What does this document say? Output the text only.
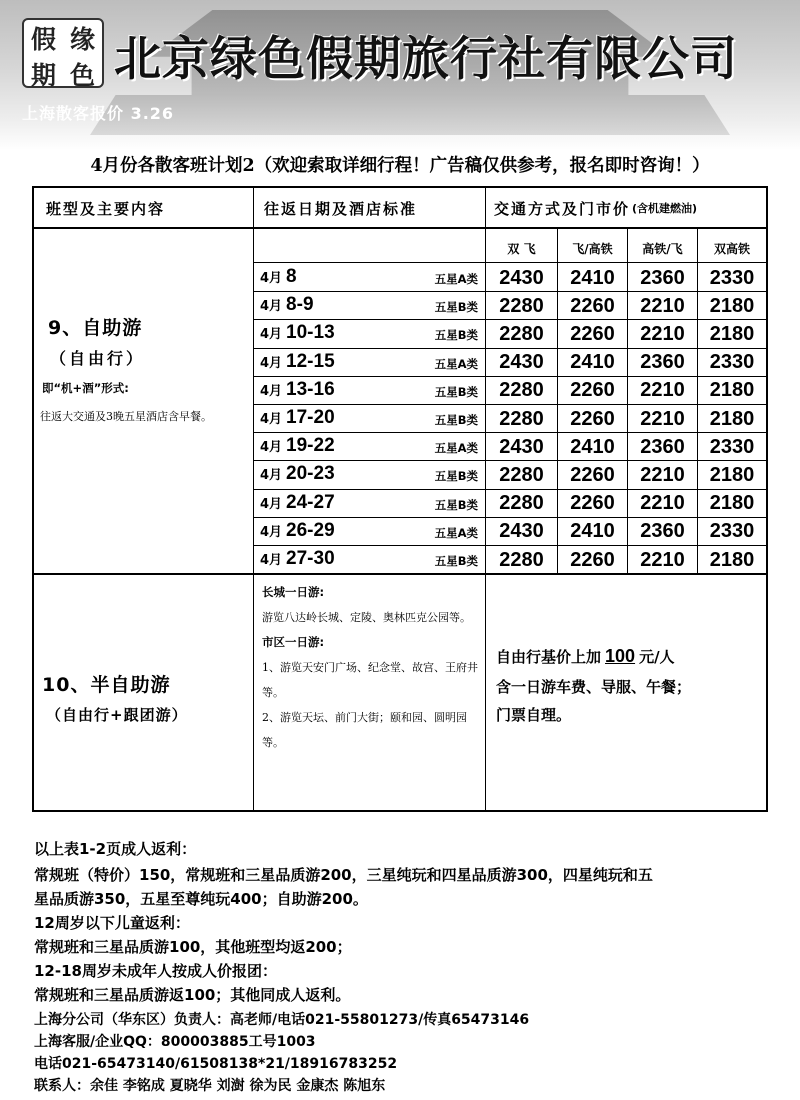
假 缘
期 色 北京绿色假期旅行社有限公司
上海散客报价 3.26
4月份各散客班计划2（欢迎索取详细行程！广告稿仅供参考，报名即时咨询！）
班型及主要内容	往返日期及酒店标准	交通方式及门市价 (含机建燃油)
双 飞	飞/高铁	高铁/飞	双高铁
9、自助游
（自由行）
即“机+酒”形式:
往返大交通及3晚五星酒店含早餐。
4月 8	五星A类	2430	2410	2360	2330
4月 8-9	五星B类	2280	2260	2210	2180
4月 10-13	五星B类	2280	2260	2210	2180
4月 12-15	五星A类	2430	2410	2360	2330
4月 13-16	五星B类	2280	2260	2210	2180
4月 17-20	五星B类	2280	2260	2210	2180
4月 19-22	五星A类	2430	2410	2360	2330
4月 20-23	五星B类	2280	2260	2210	2180
4月 24-27	五星B类	2280	2260	2210	2180
4月 26-29	五星A类	2430	2410	2360	2330
4月 27-30	五星B类	2280	2260	2210	2180
10、半自助游
（自由行+跟团游）
长城一日游:
游览八达岭长城、定陵、奥林匹克公园等。
市区一日游:
1、游览天安门广场、纪念堂、故宫、王府井等。
2、游览天坛、前门大街；颐和园、圆明园等。
自由行基价上加 100 元/人
含一日游车费、导服、午餐；
门票自理。
以上表1-2页成人返利：
常规班（特价）150，常规班和三星品质游200，三星纯玩和四星品质游300，四星纯玩和五
星品质游350，五星至尊纯玩400；自助游200。
12周岁以下儿童返利：
常规班和三星品质游100，其他班型均返200；
12-18周岁未成年人按成人价报团：
常规班和三星品质游返100；其他同成人返利。
上海分公司（华东区）负责人：高老师/电话021-55801273/传真65473146
上海客服/企业QQ：800003885工号1003
电话021-65473140/61508138*21/18916783252
联系人：余佳 李铭成 夏晓华 刘澍 徐为民 金康杰 陈旭东
